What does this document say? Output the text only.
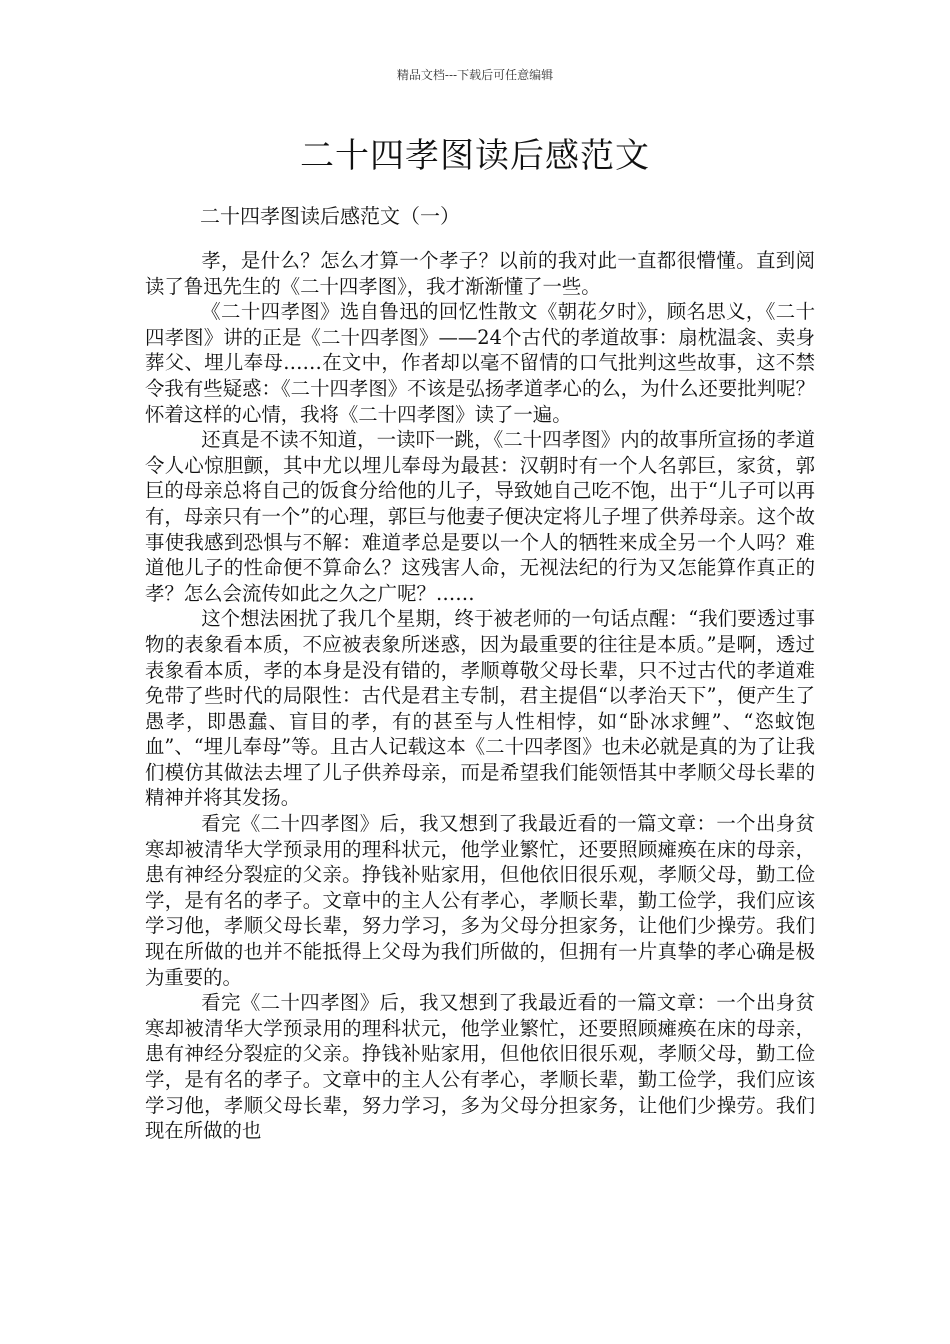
精品文档---下载后可任意编辑
二十四孝图读后感范文
二十四孝图读后感范文（一）

孝，是什么？怎么才算一个孝子？以前的我对此一直都很懵懂。直到阅读了鲁迅先生的《二十四孝图》，我才渐渐懂了一些。

《二十四孝图》选自鲁迅的回忆性散文《朝花夕时》，顾名思义，《二十四孝图》讲的正是《二十四孝图》——24个古代的孝道故事：扇枕温衾、卖身葬父、埋儿奉母……在文中，作者却以毫不留情的口气批判这些故事，这不禁令我有些疑惑：《二十四孝图》不该是弘扬孝道孝心的么，为什么还要批判呢？怀着这样的心情，我将《二十四孝图》读了一遍。

还真是不读不知道，一读吓一跳，《二十四孝图》内的故事所宣扬的孝道令人心惊胆颤，其中尤以埋儿奉母为最甚：汉朝时有一个人名郭巨，家贫，郭巨的母亲总将自己的饭食分给他的儿子，导致她自己吃不饱，出于“儿子可以再有，母亲只有一个”的心理，郭巨与他妻子便决定将儿子埋了供养母亲。这个故事使我感到恐惧与不解：难道孝总是要以一个人的牺牲来成全另一个人吗？难道他儿子的性命便不算命么？这残害人命，无视法纪的行为又怎能算作真正的孝？怎么会流传如此之久之广呢？……

这个想法困扰了我几个星期，终于被老师的一句话点醒：“我们要透过事物的表象看本质，不应被表象所迷惑，因为最重要的往往是本质。”是啊，透过表象看本质，孝的本身是没有错的，孝顺尊敬父母长辈，只不过古代的孝道难免带了些时代的局限性：古代是君主专制，君主提倡“以孝治天下”，便产生了愚孝，即愚蠢、盲目的孝，有的甚至与人性相悖，如“卧冰求鲤”、“恣蚊饱血”、“埋儿奉母”等。且古人记载这本《二十四孝图》也未必就是真的为了让我们模仿其做法去埋了儿子供养母亲，而是希望我们能领悟其中孝顺父母长辈的精神并将其发扬。

看完《二十四孝图》后，我又想到了我最近看的一篇文章：一个出身贫寒却被清华大学预录用的理科状元，他学业繁忙，还要照顾瘫痪在床的母亲，患有神经分裂症的父亲。挣钱补贴家用，但他依旧很乐观，孝顺父母，勤工俭学，是有名的孝子。文章中的主人公有孝心，孝顺长辈，勤工俭学，我们应该学习他，孝顺父母长辈，努力学习，多为父母分担家务，让他们少操劳。我们现在所做的也并不能抵得上父母为我们所做的，但拥有一片真挚的孝心确是极为重要的。

看完《二十四孝图》后，我又想到了我最近看的一篇文章：一个出身贫寒却被清华大学预录用的理科状元，他学业繁忙，还要照顾瘫痪在床的母亲，患有神经分裂症的父亲。挣钱补贴家用，但他依旧很乐观，孝顺父母，勤工俭学，是有名的孝子。文章中的主人公有孝心，孝顺长辈，勤工俭学，我们应该学习他，孝顺父母长辈，努力学习，多为父母分担家务，让他们少操劳。我们现在所做的也
